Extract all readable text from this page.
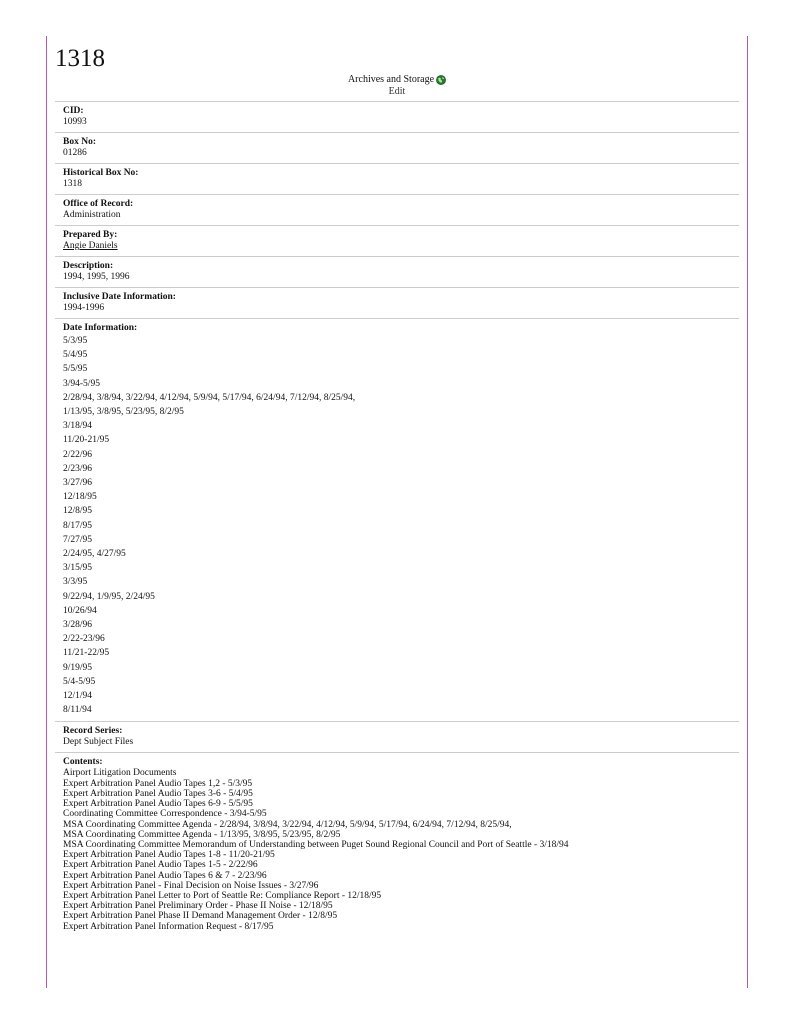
1318
Archives and Storage
Edit
CID:
10993
Box No:
01286
Historical Box No:
1318
Office of Record:
Administration
Prepared By:
Angie Daniels
Description:
1994, 1995, 1996
Inclusive Date Information:
1994-1996
Date Information:
5/3/95
5/4/95
5/5/95
3/94-5/95
2/28/94, 3/8/94, 3/22/94, 4/12/94, 5/9/94, 5/17/94, 6/24/94, 7/12/94, 8/25/94,
1/13/95, 3/8/95, 5/23/95, 8/2/95
3/18/94
11/20-21/95
2/22/96
2/23/96
3/27/96
12/18/95
12/8/95
8/17/95
7/27/95
2/24/95, 4/27/95
3/15/95
3/3/95
9/22/94, 1/9/95, 2/24/95
10/26/94
3/28/96
2/22-23/96
11/21-22/95
9/19/95
5/4-5/95
12/1/94
8/11/94
Record Series:
Dept Subject Files
Contents:
Airport Litigation Documents
Expert Arbitration Panel Audio Tapes 1,2 - 5/3/95
Expert Arbitration Panel Audio Tapes 3-6 - 5/4/95
Expert Arbitration Panel Audio Tapes 6-9 - 5/5/95
Coordinating Committee Correspondence - 3/94-5/95
MSA Coordinating Committee Agenda - 2/28/94, 3/8/94, 3/22/94, 4/12/94, 5/9/94, 5/17/94, 6/24/94, 7/12/94, 8/25/94,
MSA Coordinating Committee Agenda - 1/13/95, 3/8/95, 5/23/95, 8/2/95
MSA Coordinating Committee Memorandum of Understanding between Puget Sound Regional Council and Port of Seattle - 3/18/94
Expert Arbitration Panel Audio Tapes 1-8 - 11/20-21/95
Expert Arbitration Panel Audio Tapes 1-5 - 2/22/96
Expert Arbitration Panel Audio Tapes 6 & 7 - 2/23/96
Expert Arbitration Panel - Final Decision on Noise Issues - 3/27/96
Expert Arbitration Panel Letter to Port of Seattle Re: Compliance Report - 12/18/95
Expert Arbitration Panel Preliminary Order - Phase II Noise - 12/18/95
Expert Arbitration Panel Phase II Demand Management Order - 12/8/95
Expert Arbitration Panel Information Request - 8/17/95
